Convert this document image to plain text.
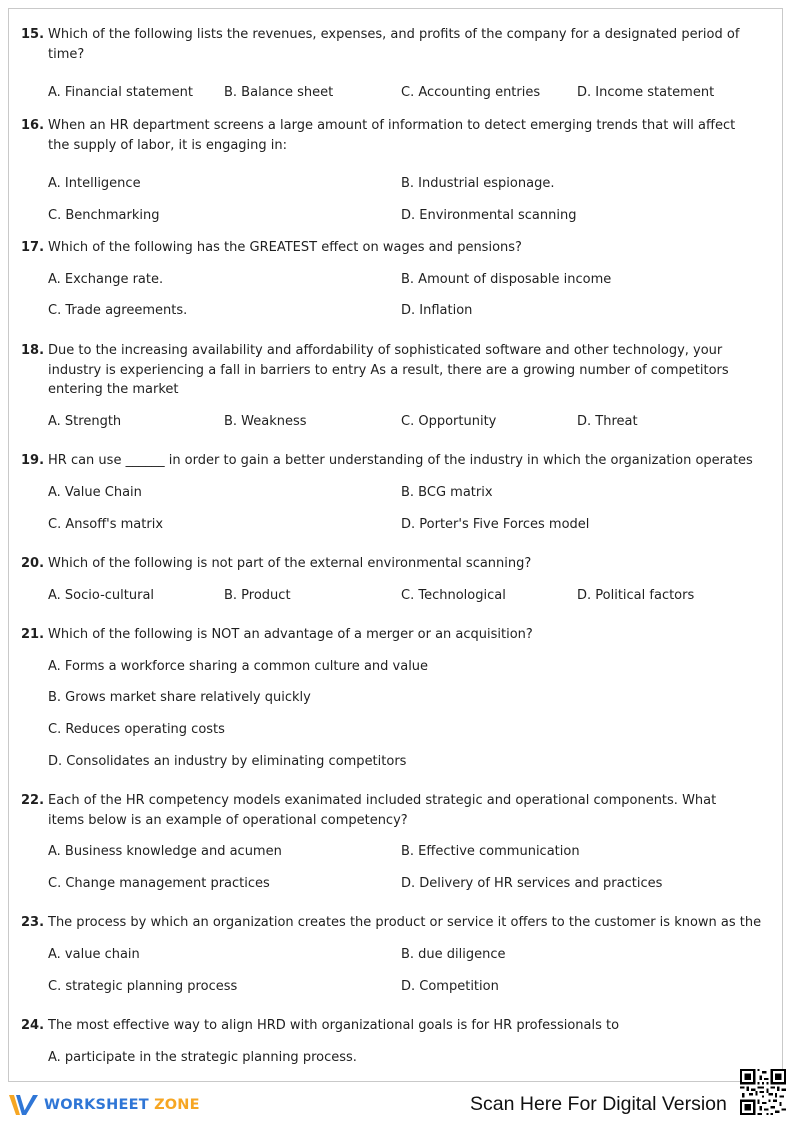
15. Which of the following lists the revenues, expenses, and profits of the company for a designated period of time?
A. Financial statement B. Balance sheet	C. Accounting entries	D. Income statement
16. When an HR department screens a large amount of information to detect emerging trends that will affect the supply of labor, it is engaging in:
A. Intelligence	B. Industrial espionage.
C. Benchmarking	D. Environmental scanning
17. Which of the following has the GREATEST effect on wages and pensions?
A. Exchange rate.	B. Amount of disposable income
C. Trade agreements.	D. Inflation
18. Due to the increasing availability and affordability of sophisticated software and other technology, your industry is experiencing a fall in barriers to entry As a result, there are a growing number of competitors entering the market
A. Strength	B. Weakness	C. Opportunity	D. Threat
19. HR can use ______ in order to gain a better understanding of the industry in which the organization operates
A. Value Chain	B. BCG matrix
C. Ansoff's matrix	D. Porter's Five Forces model
20. Which of the following is not part of the external environmental scanning?
A. Socio-cultural	B. Product	C. Technological	D. Political factors
21. Which of the following is NOT an advantage of a merger or an acquisition?
A. Forms a workforce sharing a common culture and value
B. Grows market share relatively quickly
C. Reduces operating costs
D. Consolidates an industry by eliminating competitors
22. Each of the HR competency models exanimated included strategic and operational components. What items below is an example of operational competency?
A. Business knowledge and acumen	B. Effective communication
C. Change management practices	D. Delivery of HR services and practices
23. The process by which an organization creates the product or service it offers to the customer is known as the
A. value chain	B. due diligence
C. strategic planning process	D. Competition
24. The most effective way to align HRD with organizational goals is for HR professionals to
A. participate in the strategic planning process.
WORKSHEET ZONE	Scan Here For Digital Version
